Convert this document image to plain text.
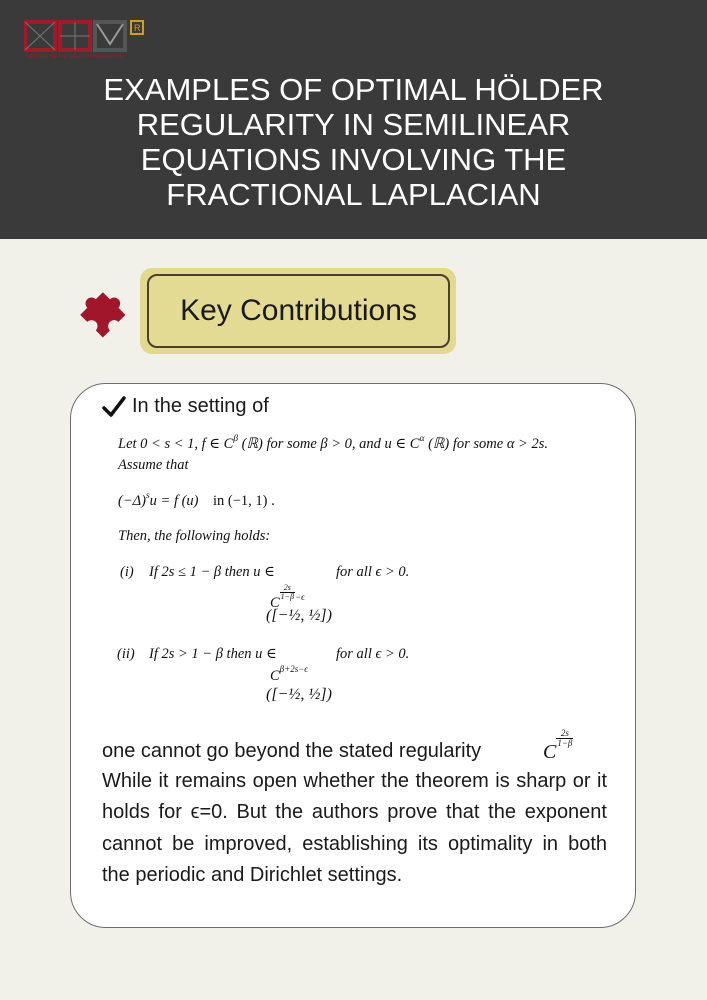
R
CENTRE DE RECERCA MATEMÀTICA
EXAMPLES OF OPTIMAL HÖLDER REGULARITY IN SEMILINEAR EQUATIONS INVOLVING THE FRACTIONAL LAPLACIAN
Key Contributions
In the setting of
Let 0 < s < 1, f ∈ $C^\beta$ (ℝ) for some β > 0, and u ∈ $C^\alpha$ (ℝ) for some α > 2s.
Assume that
$(-\Delta)^su = f$ (u) in (−1, 1) .
Then, the following holds:
(i) If 2s ≤ 1 − β then u ∈	for all ϵ > 0.
C
$\frac{2s}{1-\beta} ^{-\epsilon}$
([−½, ½])
(ii) If 2s > 1 − β then u ∈	for all ϵ > 0.
$C^{\beta+2s-\epsilon}$
([−½, ½])

one cannot go beyond the stated regularity	C
$\frac{2s}{1-\beta}$

While it remains open whether the theorem is sharp or it holds for ϵ=0. But the authors prove that the exponent cannot be improved, establishing its optimality in both the periodic and Dirichlet settings.
